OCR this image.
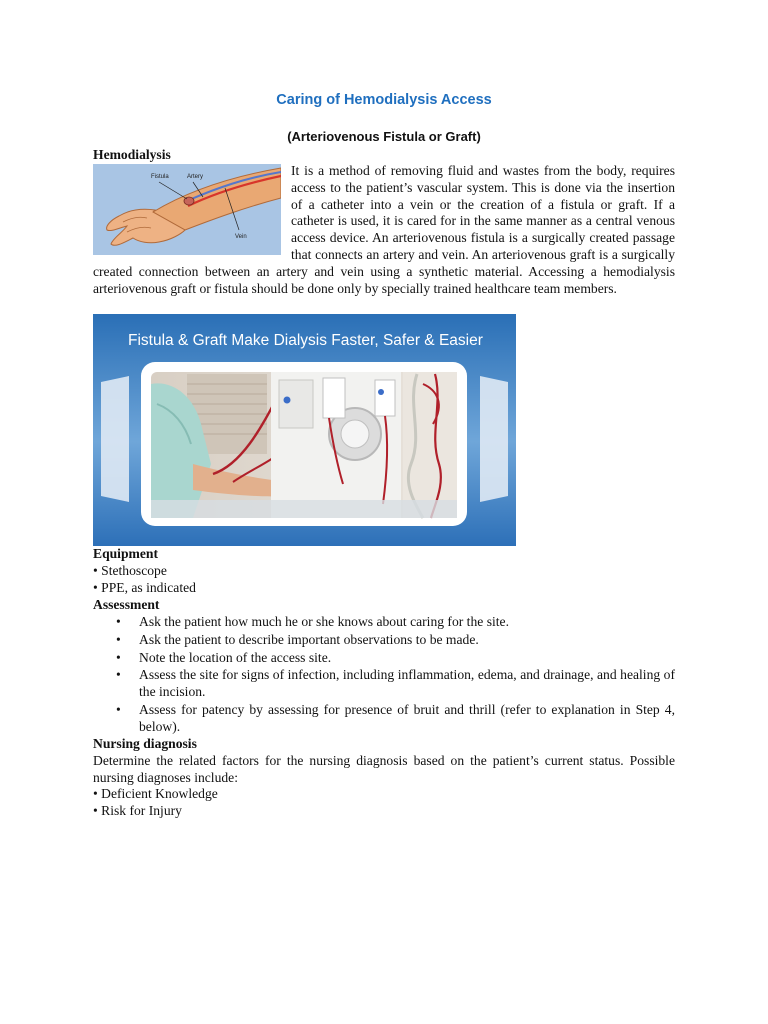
Caring of Hemodialysis Access
(Arteriovenous Fistula or Graft)
Hemodialysis
Fistula	Artery
Vein
It is a method of removing fluid and wastes from the body, requires access to the patient’s vascular system. This is done via the insertion of a catheter into a vein or the creation of a fistula or graft. If a catheter is used, it is cared for in the same manner as a central venous access device. An arteriovenous fistula is a surgically created passage that connects an artery and vein. An arteriovenous graft is a surgically created connection between an artery and vein using a synthetic material. Accessing a hemodialysis arteriovenous graft or fistula should be done only by specially trained healthcare team members.
Fistula & Graft Make Dialysis Faster, Safer & Easier
Equipment
• Stethoscope
• PPE, as indicated
Assessment
• Ask the patient how much he or she knows about caring for the site.
• Ask the patient to describe important observations to be made.
• Note the location of the access site.
• Assess the site for signs of infection, including inflammation, edema, and drainage, and healing of the incision.
• Assess for patency by assessing for presence of bruit and thrill (refer to explanation in Step 4, below).
Nursing diagnosis
Determine the related factors for the nursing diagnosis based on the patient’s current status. Possible nursing diagnoses include:
• Deficient Knowledge
• Risk for Injury
